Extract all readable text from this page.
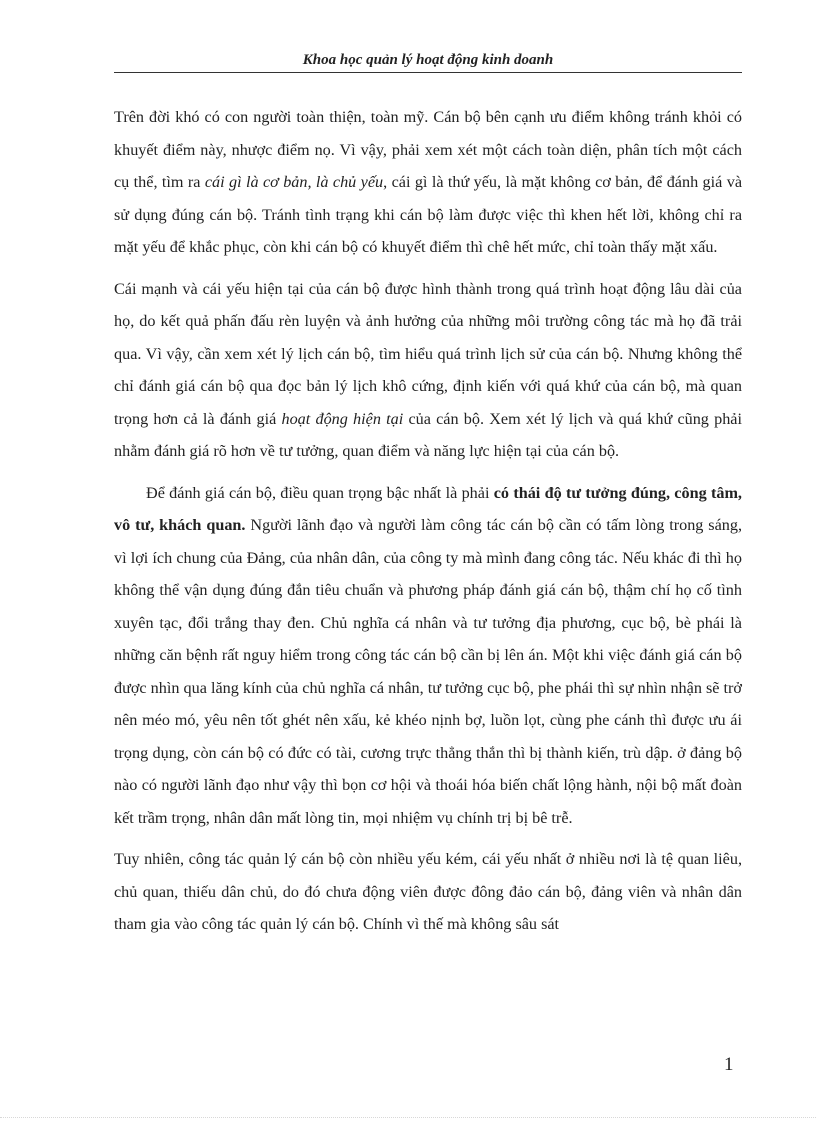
Khoa học quản lý hoạt động kinh doanh

Trên đời khó có con người toàn thiện, toàn mỹ. Cán bộ bên cạnh ưu điểm không tránh khỏi có khuyết điểm này, nhược điểm nọ. Vì vậy, phải xem xét một cách toàn diện, phân tích một cách cụ thể, tìm ra cái gì là cơ bản, là chủ yếu, cái gì là thứ yếu, là mặt không cơ bản, để đánh giá và sử dụng đúng cán bộ. Tránh tình trạng khi cán bộ làm được việc thì khen hết lời, không chỉ ra mặt yếu để khắc phục, còn khi cán bộ có khuyết điểm thì chê hết mức, chỉ toàn thấy mặt xấu.

Cái mạnh và cái yếu hiện tại của cán bộ được hình thành trong quá trình hoạt động lâu dài của họ, do kết quả phấn đấu rèn luyện và ảnh hưởng của những môi trường công tác mà họ đã trải qua. Vì vậy, cần xem xét lý lịch cán bộ, tìm hiểu quá trình lịch sử của cán bộ. Nhưng không thể chỉ đánh giá cán bộ qua đọc bản lý lịch khô cứng, định kiến với quá khứ của cán bộ, mà quan trọng hơn cả là đánh giá hoạt động hiện tại của cán bộ. Xem xét lý lịch và quá khứ cũng phải nhằm đánh giá rõ hơn về tư tưởng, quan điểm và năng lực hiện tại của cán bộ.

Để đánh giá cán bộ, điều quan trọng bậc nhất là phải có thái độ tư tưởng đúng, công tâm, vô tư, khách quan. Người lãnh đạo và người làm công tác cán bộ cần có tấm lòng trong sáng, vì lợi ích chung của Đảng, của nhân dân, của công ty mà mình đang công tác. Nếu khác đi thì họ không thể vận dụng đúng đắn tiêu chuẩn và phương pháp đánh giá cán bộ, thậm chí họ cố tình xuyên tạc, đổi trắng thay đen. Chủ nghĩa cá nhân và tư tưởng địa phương, cục bộ, bè phái là những căn bệnh rất nguy hiểm trong công tác cán bộ cần bị lên án. Một khi việc đánh giá cán bộ được nhìn qua lăng kính của chủ nghĩa cá nhân, tư tưởng cục bộ, phe phái thì sự nhìn nhận sẽ trở nên méo mó, yêu nên tốt ghét nên xấu, kẻ khéo nịnh bợ, luồn lọt, cùng phe cánh thì được ưu ái trọng dụng, còn cán bộ có đức có tài, cương trực thẳng thắn thì bị thành kiến, trù dập. ở đảng bộ nào có người lãnh đạo như vậy thì bọn cơ hội và thoái hóa biến chất lộng hành, nội bộ mất đoàn kết trầm trọng, nhân dân mất lòng tin, mọi nhiệm vụ chính trị bị bê trễ.

Tuy nhiên, công tác quản lý cán bộ còn nhiều yếu kém, cái yếu nhất ở nhiều nơi là tệ quan liêu, chủ quan, thiếu dân chủ, do đó chưa động viên được đông đảo cán bộ, đảng viên và nhân dân tham gia vào công tác quản lý cán bộ. Chính vì thế mà không sâu sát

1
